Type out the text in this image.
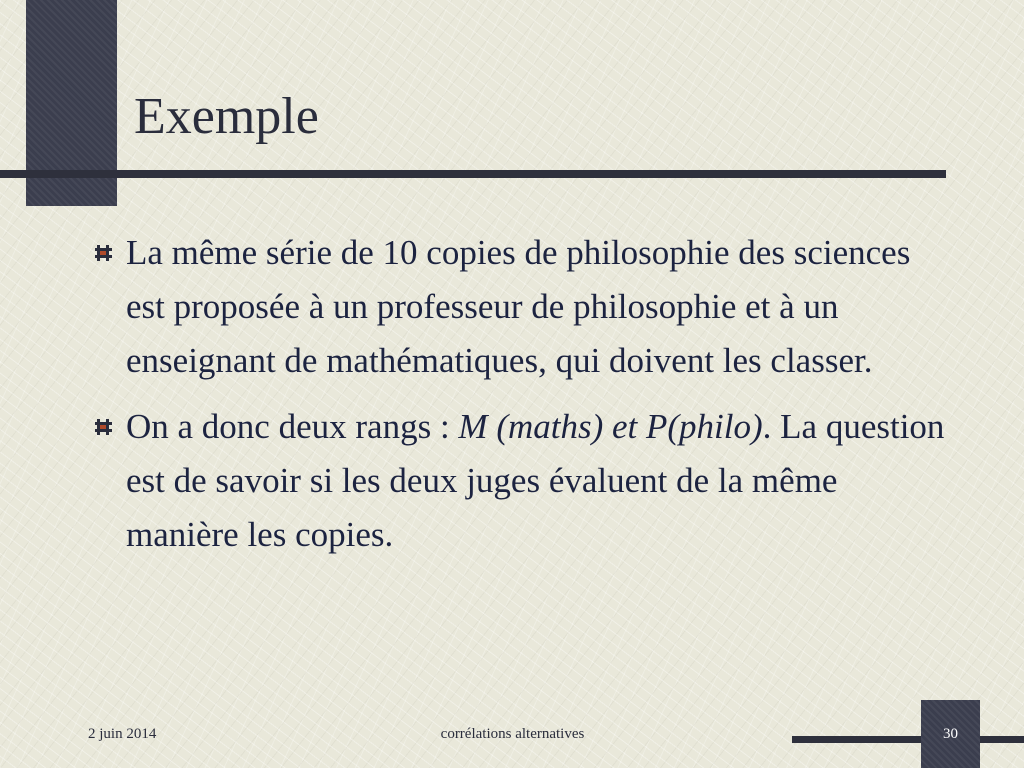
Exemple
La même série de 10 copies de philosophie des sciences est proposée à un professeur de philosophie et à un enseignant de mathématiques, qui doivent les classer.
On a donc deux rangs : M (maths) et P(philo). La question est de savoir si les deux juges évaluent de la même manière les copies.
30
2 juin 2014	corrélations alternatives
